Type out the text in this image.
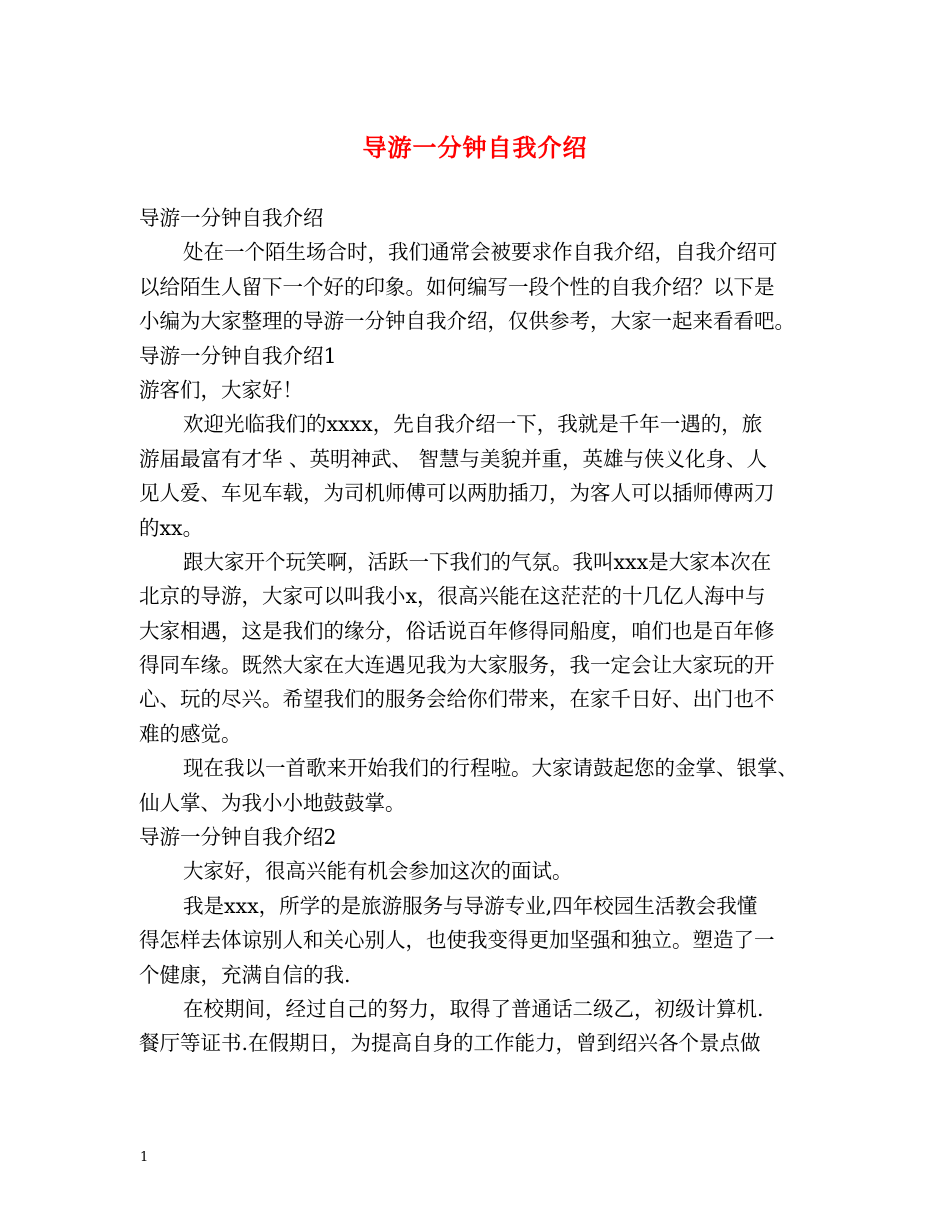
导游一分钟自我介绍
导游一分钟自我介绍
处在一个陌生场合时，我们通常会被要求作自我介绍，自我介绍可
以给陌生人留下一个好的印象。如何编写一段个性的自我介绍？以下是
小编为大家整理的导游一分钟自我介绍，仅供参考，大家一起来看看吧。
导游一分钟自我介绍1
游客们，大家好！
欢迎光临我们的xxxx，先自我介绍一下，我就是千年一遇的，旅
游届最富有才华 、英明神武、 智慧与美貌并重，英雄与侠义化身、人
见人爱、车见车载，为司机师傅可以两肋插刀，为客人可以插师傅两刀
的xx。
跟大家开个玩笑啊，活跃一下我们的气氛。我叫xxx是大家本次在
北京的导游，大家可以叫我小x，很高兴能在这茫茫的十几亿人海中与
大家相遇，这是我们的缘分，俗话说百年修得同船度，咱们也是百年修
得同车缘。既然大家在大连遇见我为大家服务，我一定会让大家玩的开
心、玩的尽兴。希望我们的服务会给你们带来，在家千日好、出门也不
难的感觉。
现在我以一首歌来开始我们的行程啦。大家请鼓起您的金掌、银掌、
仙人掌、为我小小地鼓鼓掌。
导游一分钟自我介绍2
大家好，很高兴能有机会参加这次的面试。
我是xxx，所学的是旅游服务与导游专业,四年校园生活教会我懂
得怎样去体谅别人和关心别人，也使我变得更加坚强和独立。塑造了一
个健康，充满自信的我.
在校期间，经过自己的努力，取得了普通话二级乙，初级计算机.
餐厅等证书.在假期日，为提高自身的工作能力，曾到绍兴各个景点做
1
